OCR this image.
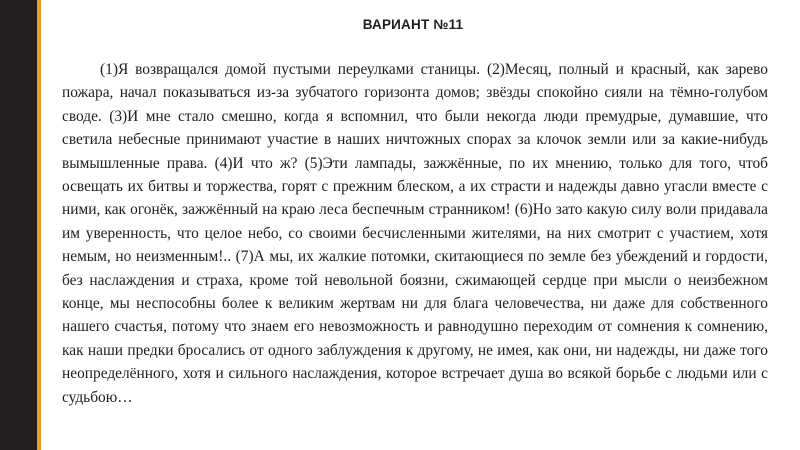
ВАРИАНТ №11

(1)Я возвращался домой пустыми переулками станицы. (2)Месяц, полный и красный, как зарево пожара, начал показываться из-за зубчатого горизонта домов; звёзды спокойно сияли на тёмно-голубом своде. (3)И мне стало смешно, когда я вспомнил, что были некогда люди премудрые, думавшие, что светила небесные принимают участие в наших ничтожных спорах за клочок земли или за какие-нибудь вымышленные права. (4)И что ж? (5)Эти лампады, зажжённые, по их мнению, только для того, чтоб освещать их битвы и торжества, горят с прежним блеском, а их страсти и надежды давно угасли вместе с ними, как огонёк, зажжённый на краю леса беспечным странником! (6)Но зато какую силу воли придавала им уверенность, что целое небо, со своими бесчисленными жителями, на них смотрит с участием, хотя немым, но неизменным!.. (7)А мы, их жалкие потомки, скитающиеся по земле без убеждений и гордости, без наслаждения и страха, кроме той невольной боязни, сжимающей сердце при мысли о неизбежном конце, мы неспособны более к великим жертвам ни для блага человечества, ни даже для собственного нашего счастья, потому что знаем его невозможность и равнодушно переходим от сомнения к сомнению, как наши предки бросались от одного заблуждения к другому, не имея, как они, ни надежды, ни даже того неопределённого, хотя и сильного наслаждения, которое встречает душа во всякой борьбе с людьми или с судьбою…
